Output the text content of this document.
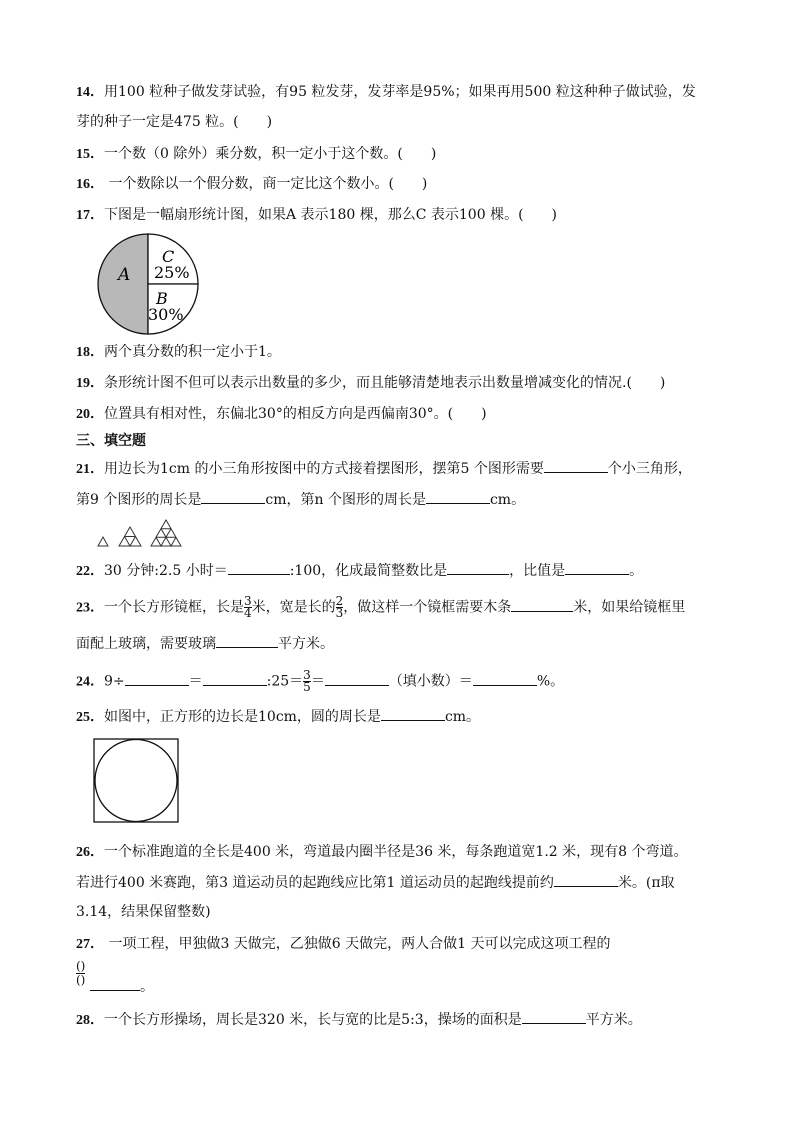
14．用100 粒种子做发芽试验，有95 粒发芽，发芽率是95%；如果再用500 粒这种种子做试验，发
芽的种子一定是475 粒。(　　)
15．一个数（0 除外）乘分数，积一定小于这个数。(　　)
16． 一个数除以一个假分数，商一定比这个数小。(　　)
17．下图是一幅扇形统计图，如果A 表示180 棵，那么C 表示100 棵。(　　)
A
C
25%
B
30%
18．两个真分数的积一定小于1。
19．条形统计图不但可以表示出数量的多少，而且能够清楚地表示出数量增减变化的情况.(　　)
20．位置具有相对性，东偏北30°的相反方向是西偏南30°。(　　)
三、填空题
21．用边长为1cm 的小三角形按图中的方式接着摆图形，摆第5 个图形需要	个小三角形，
第9 个图形的周长是	cm，第n 个图形的周长是	cm。
22．30 分钟:2.5 小时＝	:100，化成最简整数比是	，比值是	。
23．一个长方形镜框，长是 $\frac{3}{4}$ 米，宽是长的 $\frac{2}{3}$ ，做这样一个镜框需要木条	米，如果给镜框里
面配上玻璃，需要玻璃	平方米。
24．9÷	＝	:25＝ $\frac{3}{5}$ ＝	（填小数）＝	%。
25．如图中，正方形的边长是10cm，圆的周长是	cm。
26．一个标准跑道的全长是400 米，弯道最内圈半径是36 米，每条跑道宽1.2 米，现有8 个弯道。
若进行400 米赛跑，第3 道运动员的起跑线应比第1 道运动员的起跑线提前约	米。(π取
3.14，结果保留整数)
27． 一项工程，甲独做3 天做完，乙独做6 天做完，两人合做1 天可以完成这项工程的
()
()	。
28．一个长方形操场，周长是320 米，长与宽的比是5:3，操场的面积是	平方米。
